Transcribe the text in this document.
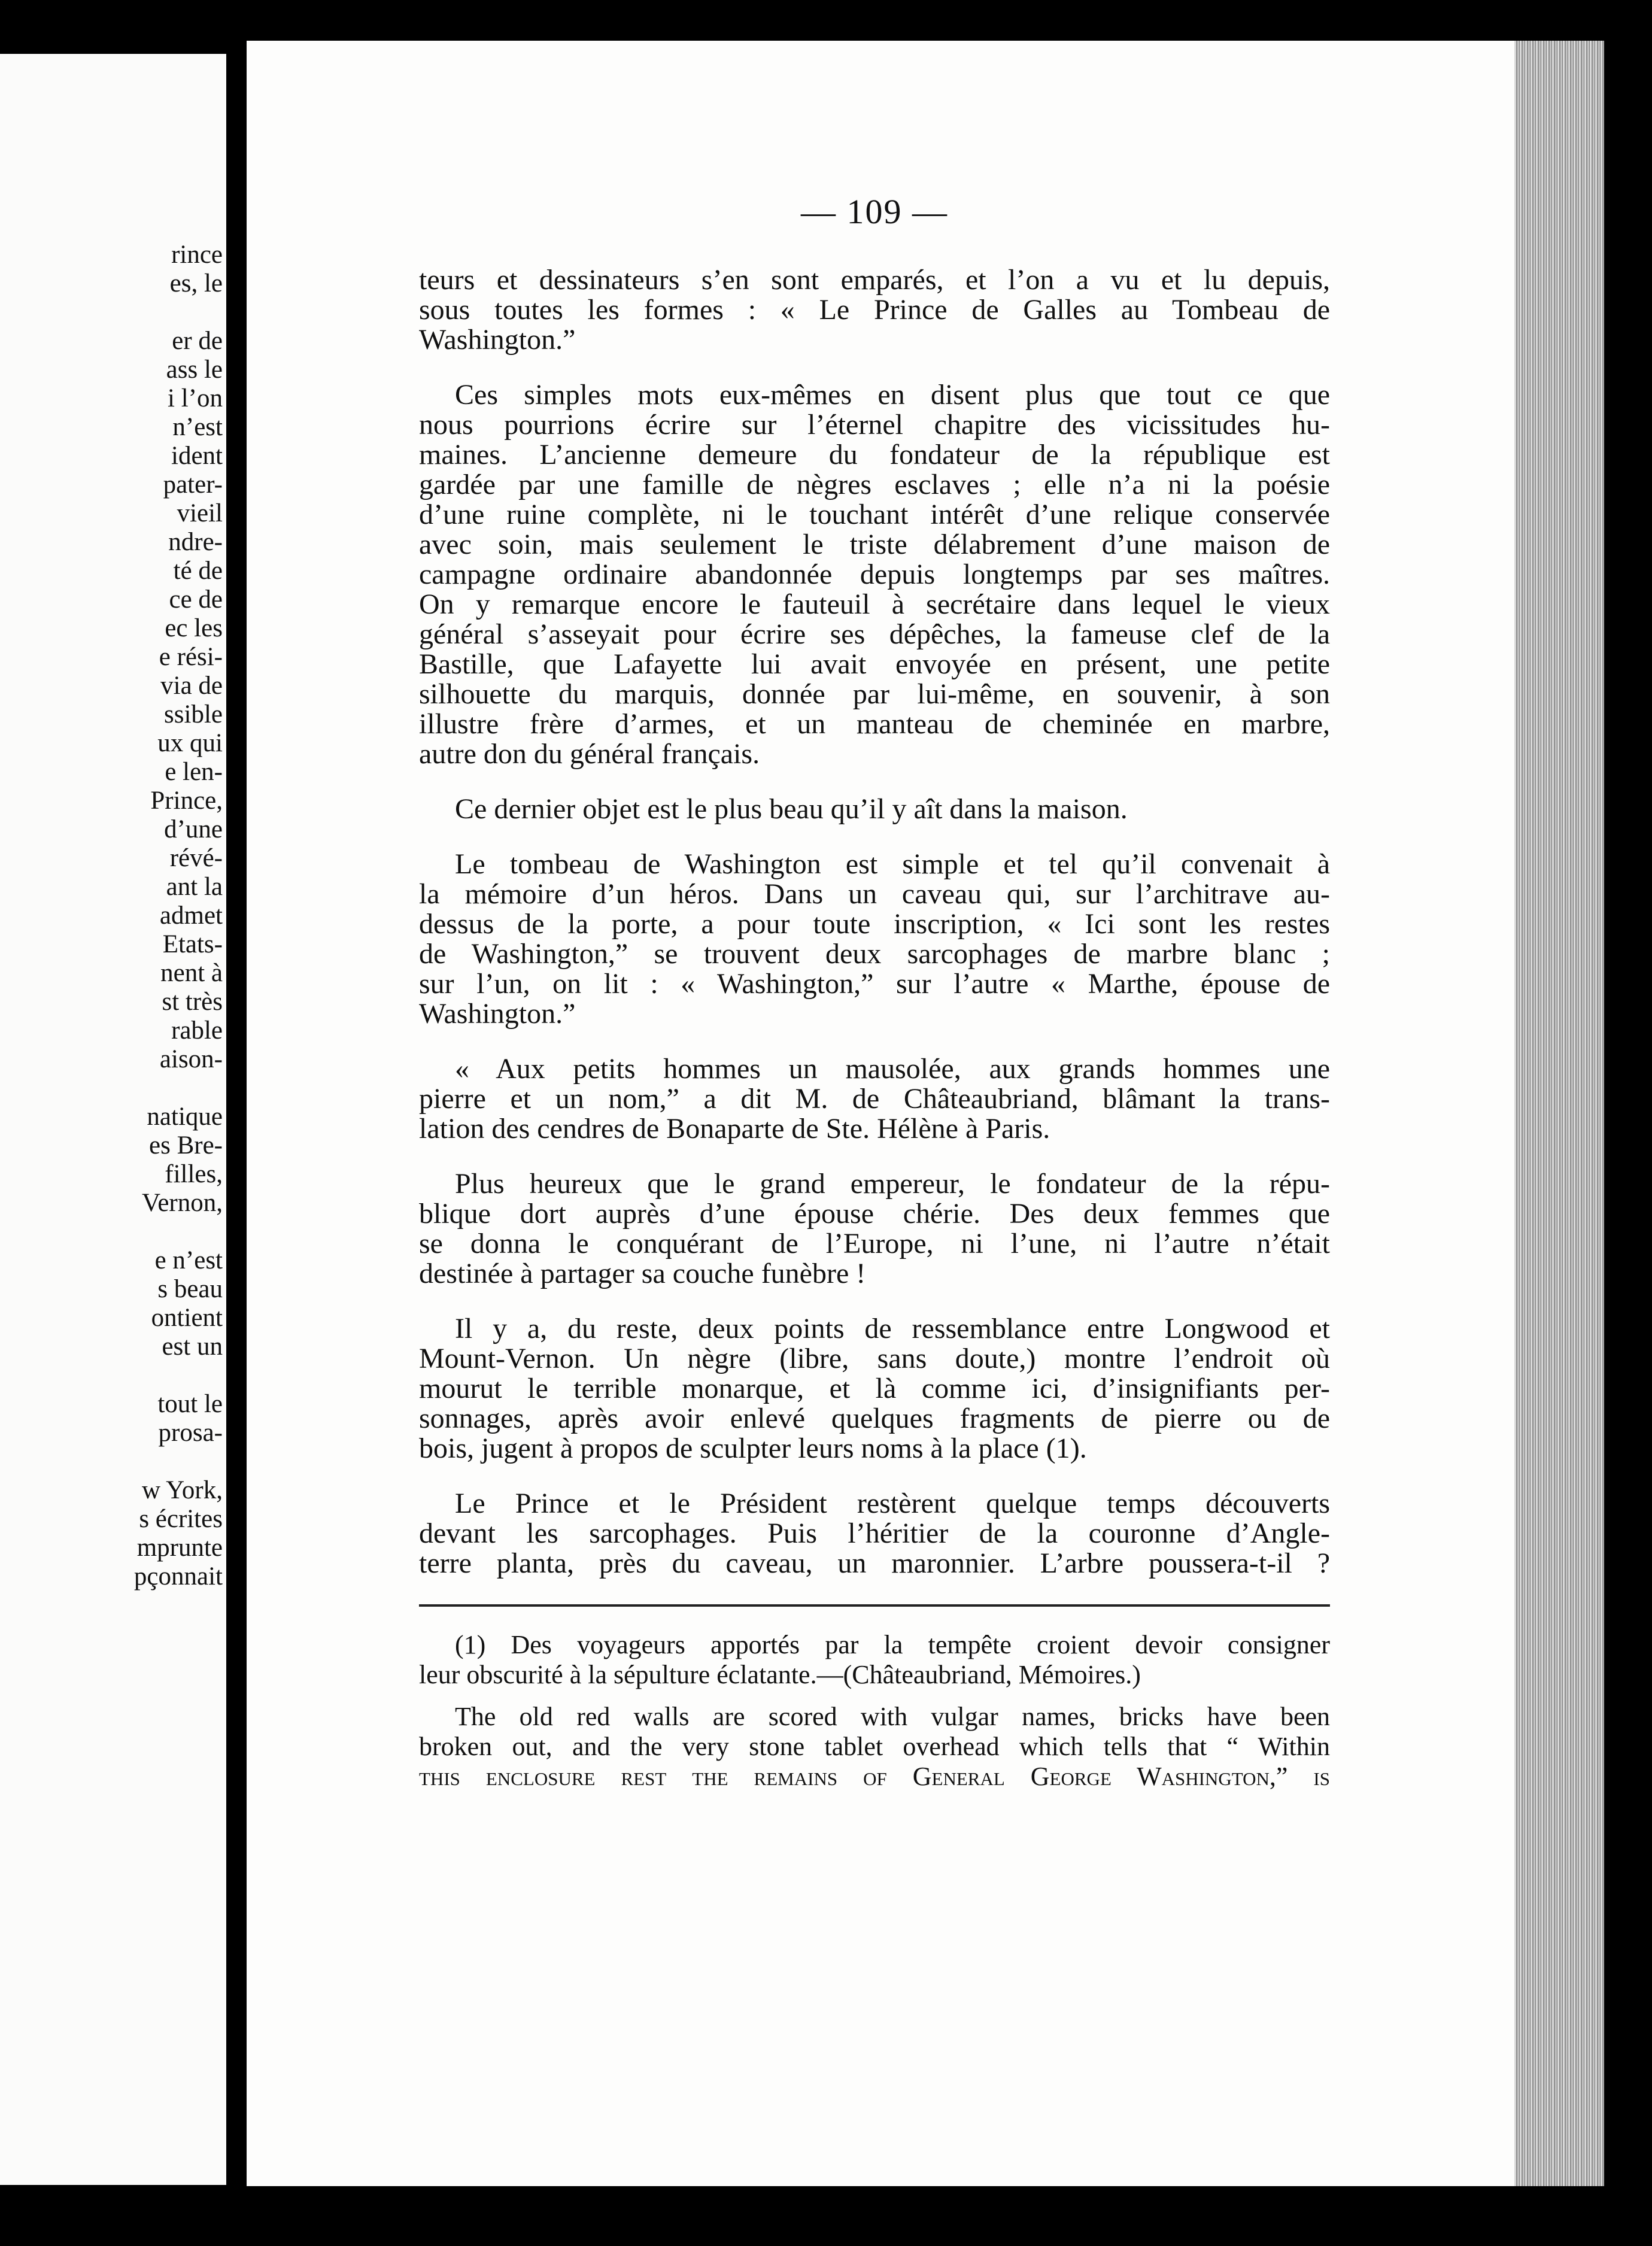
rince
es, le
er de
ass le
i l’on
n’est
ident
pater-
vieil
ndre-
té de
ce de
ec les
e rési-
via de
ssible
ux qui
e len-
Prince,
d’une
révé-
ant la
admet
Etats-
nent à
st très
rable
aison-
natique
es Bre-
filles,
Vernon,
e n’est
s beau
ontient
est un
tout le
prosa-
w York,
s écrites
mprunte
pçonnait
— 109 —
teurs et dessinateurs s’en sont emparés, et l’on a vu et lu depuis,
sous toutes les formes : « Le Prince de Galles au Tombeau de
Washington.”
Ces simples mots eux-mêmes en disent plus que tout ce que
nous pourrions écrire sur l’éternel chapitre des vicissitudes hu-
maines. L’ancienne demeure du fondateur de la république est
gardée par une famille de nègres esclaves ; elle n’a ni la poésie
d’une ruine complète, ni le touchant intérêt d’une relique conservée
avec soin, mais seulement le triste délabrement d’une maison de
campagne ordinaire abandonnée depuis longtemps par ses maîtres.
On y remarque encore le fauteuil à secrétaire dans lequel le vieux
général s’asseyait pour écrire ses dépêches, la fameuse clef de la
Bastille, que Lafayette lui avait envoyée en présent, une petite
silhouette du marquis, donnée par lui-même, en souvenir, à son
illustre frère d’armes, et un manteau de cheminée en marbre,
autre don du général français.
Ce dernier objet est le plus beau qu’il y aît dans la maison.
Le tombeau de Washington est simple et tel qu’il convenait à
la mémoire d’un héros. Dans un caveau qui, sur l’architrave au-
dessus de la porte, a pour toute inscription, « Ici sont les restes
de Washington,” se trouvent deux sarcophages de marbre blanc ;
sur l’un, on lit : « Washington,” sur l’autre « Marthe, épouse de
Washington.”
« Aux petits hommes un mausolée, aux grands hommes une
pierre et un nom,” a dit M. de Châteaubriand, blâmant la trans-
lation des cendres de Bonaparte de Ste. Hélène à Paris.
Plus heureux que le grand empereur, le fondateur de la répu-
blique dort auprès d’une épouse chérie. Des deux femmes que
se donna le conquérant de l’Europe, ni l’une, ni l’autre n’était
destinée à partager sa couche funèbre !
Il y a, du reste, deux points de ressemblance entre Longwood et
Mount-Vernon. Un nègre (libre, sans doute,) montre l’endroit où
mourut le terrible monarque, et là comme ici, d’insignifiants per-
sonnages, après avoir enlevé quelques fragments de pierre ou de
bois, jugent à propos de sculpter leurs noms à la place (1).
Le Prince et le Président restèrent quelque temps découverts
devant les sarcophages. Puis l’héritier de la couronne d’Angle-
terre planta, près du caveau, un maronnier. L’arbre poussera-t-il ?
(1) Des voyageurs apportés par la tempête croient devoir consigner
leur obscurité à la sépulture éclatante.—(Châteaubriand, Mémoires.)
The old red walls are scored with vulgar names, bricks have been
broken out, and the very stone tablet overhead which tells that “ Within
this enclosure rest the remains of General George Washington,” is
